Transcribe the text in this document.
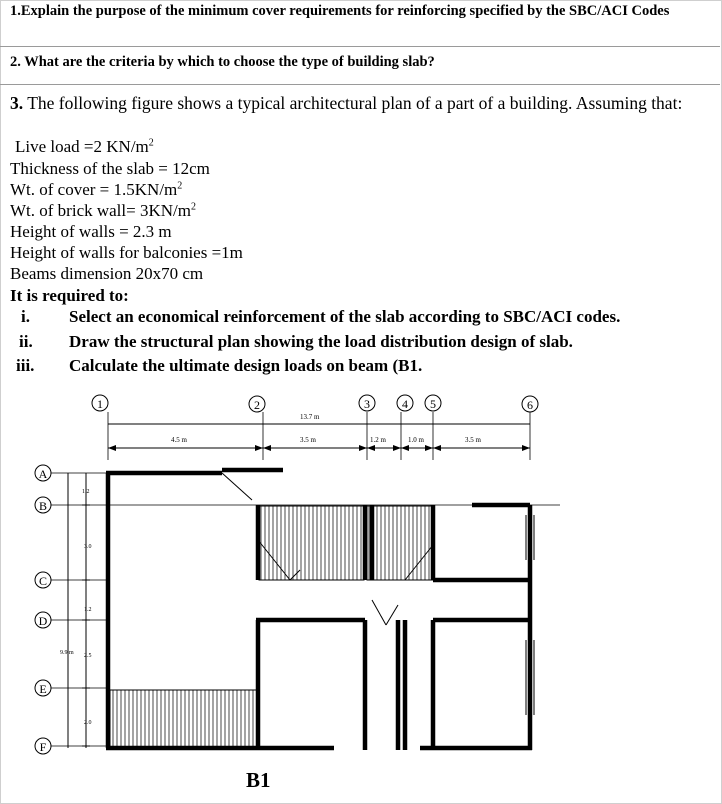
1.Explain the purpose of the minimum cover requirements for reinforcing specified by the SBC/ACI Codes
2. What are the criteria by which to choose the type of building slab?
3. The following figure shows a typical architectural plan of a part of a building. Assuming that:
Live load =2 $KN/m^2$
Thickness of the slab = 12cm
Wt. of cover = $1.5KN/m^2$
Wt. of brick wall= $3KN/m^2$
Height of walls = 2.3 m
Height of walls for balconies =1m
Beams dimension 20x70 cm
It is required to:
i. Select an economical reinforcement of the slab according to SBC/ACI codes.
ii. Draw the structural plan showing the load distribution design of slab.
iii. Calculate the ultimate design loads on beam (B1.
1	2	3	4 5	6
13.7 m
4.5 m	3.5 m	1.2 m	1.0 m	3.5 m
A
B
C
D
E
F
9.9 m
1.2
3.0
1.2
2.5
2.0
B1
